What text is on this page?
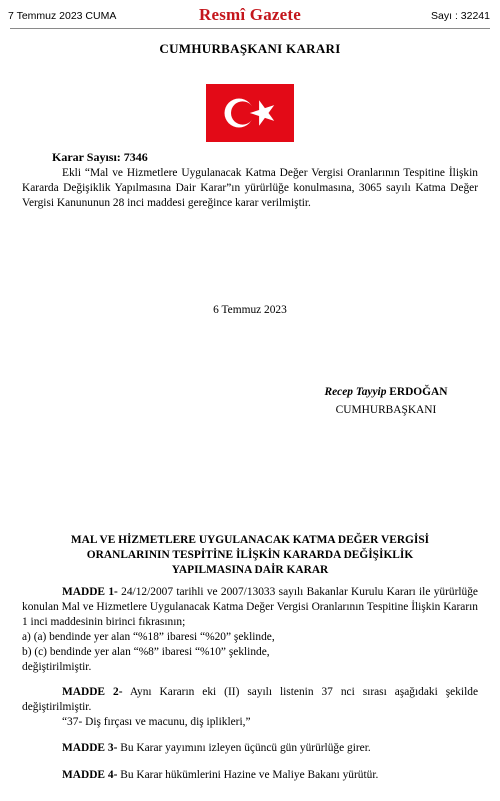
7 Temmuz 2023 CUMA	Resmî Gazete	Sayı : 32241
CUMHURBAŞKANI KARARI
Karar Sayısı: 7346
Ekli “Mal ve Hizmetlere Uygulanacak Katma Değer Vergisi Oranlarının Tespitine İlişkin Kararda Değişiklik Yapılmasına Dair Karar”ın yürürlüğe konulmasına, 3065 sayılı Katma Değer Vergisi Kanununun 28 inci maddesi gereğince karar verilmiştir.
6 Temmuz 2023
Recep Tayyip ERDOĞAN
CUMHURBAŞKANI
MAL VE HİZMETLERE UYGULANACAK KATMA DEĞER VERGİSİ
ORANLARININ TESPİTİNE İLİŞKİN KARARDA DEĞİŞİKLİK
YAPILMASINA DAİR KARAR
MADDE 1- 24/12/2007 tarihli ve 2007/13033 sayılı Bakanlar Kurulu Kararı ile yürürlüğe konulan Mal ve Hizmetlere Uygulanacak Katma Değer Vergisi Oranlarının Tespitine İlişkin Kararın 1 inci maddesinin birinci fıkrasının;
a) (a) bendinde yer alan “%18” ibaresi “%20” şeklinde,
b) (c) bendinde yer alan “%8” ibaresi “%10” şeklinde,
değiştirilmiştir.
MADDE 2- Aynı Kararın eki (II) sayılı listenin 37 nci sırası aşağıdaki şekilde değiştirilmiştir.
“37- Diş fırçası ve macunu, diş iplikleri,”
MADDE 3- Bu Karar yayımını izleyen üçüncü gün yürürlüğe girer.
MADDE 4- Bu Karar hükümlerini Hazine ve Maliye Bakanı yürütür.
